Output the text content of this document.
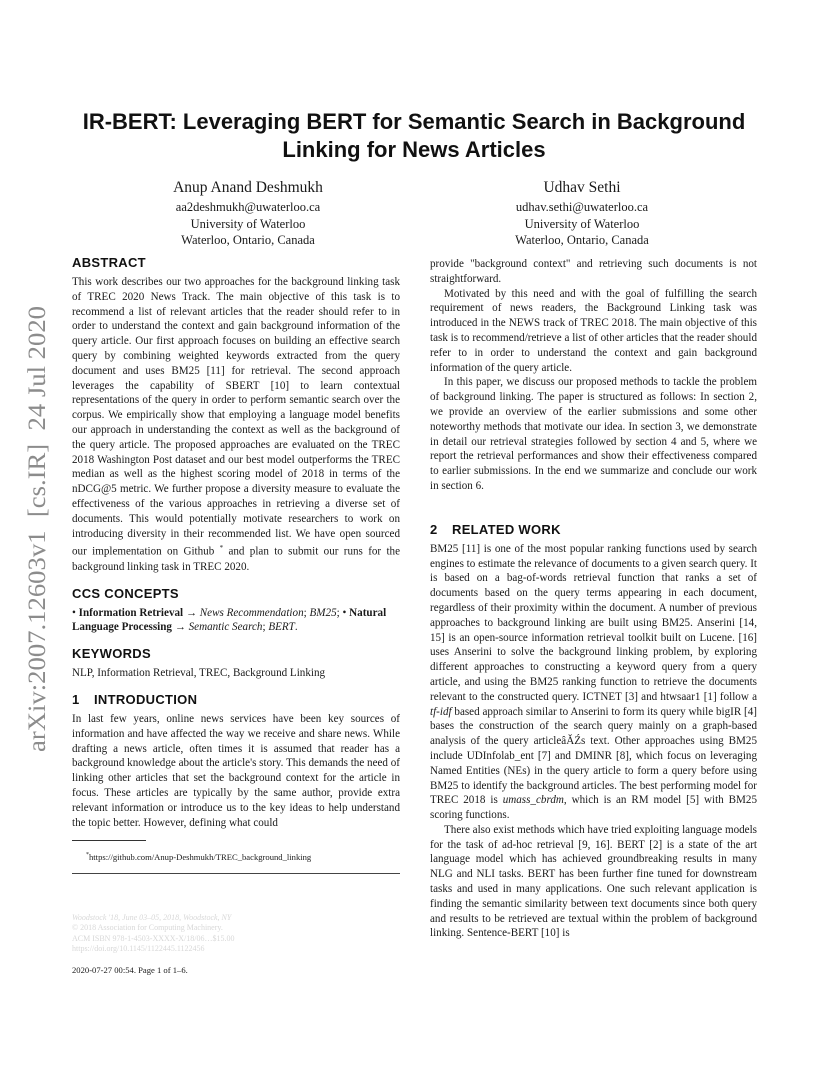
arXiv:2007.12603v1  [cs.IR]  24 Jul 2020
IR-BERT: Leveraging BERT for Semantic Search in Background
Linking for News Articles
Anup Anand Deshmukh
aa2deshmukh@uwaterloo.ca
University of Waterloo
Waterloo, Ontario, Canada
Udhav Sethi
udhav.sethi@uwaterloo.ca
University of Waterloo
Waterloo, Ontario, Canada
ABSTRACT

This work describes our two approaches for the background linking task of TREC 2020 News Track. The main objective of this task is to recommend a list of relevant articles that the reader should refer to in order to understand the context and gain background information of the query article. Our first approach focuses on building an effective search query by combining weighted keywords extracted from the query document and uses BM25 [11] for retrieval. The second approach leverages the capability of SBERT [10] to learn contextual representations of the query in order to perform semantic search over the corpus. We empirically show that employing a language model benefits our approach in understanding the context as well as the background of the query article. The proposed approaches are evaluated on the TREC 2018 Washington Post dataset and our best model outperforms the TREC median as well as the highest scoring model of 2018 in terms of the nDCG@5 metric. We further propose a diversity measure to evaluate the effectiveness of the various approaches in retrieving a diverse set of documents. This would potentially motivate researchers to work on introducing diversity in their recommended list. We have open sourced our implementation on Github * and plan to submit our runs for the background linking task in TREC 2020.

CCS CONCEPTS

• Information Retrieval → News Recommendation; BM25; • Natural Language Processing → Semantic Search; BERT.

KEYWORDS

NLP, Information Retrieval, TREC, Background Linking

1 INTRODUCTION

In last few years, online news services have been key sources of information and have affected the way we receive and share news. While drafting a news article, often times it is assumed that reader has a background knowledge about the article's story. This demands the need of linking other articles that set the background context for the article in focus. These articles are typically by the same author, provide extra relevant information or introduce us to the key ideas to help understand the topic better. However, defining what could

*https://github.com/Anup-Deshmukh/TREC_background_linking
Woodstock '18, June 03–05, 2018, Woodstock, NY
© 2018 Association for Computing Machinery.
ACM ISBN 978-1-4503-XXXX-X/18/06…$15.00
https://doi.org/10.1145/1122445.1122456
2020-07-27 00:54. Page 1 of 1–6.

provide "background context" and retrieving such documents is not straightforward.

Motivated by this need and with the goal of fulfilling the search requirement of news readers, the Background Linking task was introduced in the NEWS track of TREC 2018. The main objective of this task is to recommend/retrieve a list of other articles that the reader should refer to in order to understand the context and gain background information of the query article.

In this paper, we discuss our proposed methods to tackle the problem of background linking. The paper is structured as follows: In section 2, we provide an overview of the earlier submissions and some other noteworthy methods that motivate our idea. In section 3, we demonstrate in detail our retrieval strategies followed by section 4 and 5, where we report the retrieval performances and show their effectiveness compared to earlier submissions. In the end we summarize and conclude our work in section 6.

2 RELATED WORK

BM25 [11] is one of the most popular ranking functions used by search engines to estimate the relevance of documents to a given search query. It is based on a bag-of-words retrieval function that ranks a set of documents based on the query terms appearing in each document, regardless of their proximity within the document. A number of previous approaches to background linking are built using BM25. Anserini [14, 15] is an open-source information retrieval toolkit built on Lucene. [16] uses Anserini to solve the background linking problem, by exploring different approaches to constructing a keyword query from a query article, and using the BM25 ranking function to retrieve the documents relevant to the constructed query. ICTNET [3] and htwsaar1 [1] follow a tf-idf based approach similar to Anserini to form its query while bigIR [4] bases the construction of the search query mainly on a graph-based analysis of the query articleâĂŹs text. Other approaches using BM25 include UDInfolab_ent [7] and DMINR [8], which focus on leveraging Named Entities (NEs) in the query article to form a query before using BM25 to identify the background articles. The best performing model for TREC 2018 is umass_cbrdm, which is an RM model [5] with BM25 scoring functions.

There also exist methods which have tried exploiting language models for the task of ad-hoc retrieval [9, 16]. BERT [2] is a state of the art language model which has achieved groundbreaking results in many NLG and NLI tasks. BERT has been further fine tuned for downstream tasks and used in many applications. One such relevant application is finding the semantic similarity between text documents since both query and results to be retrieved are textual within the problem of background linking. Sentence-BERT [10] is
